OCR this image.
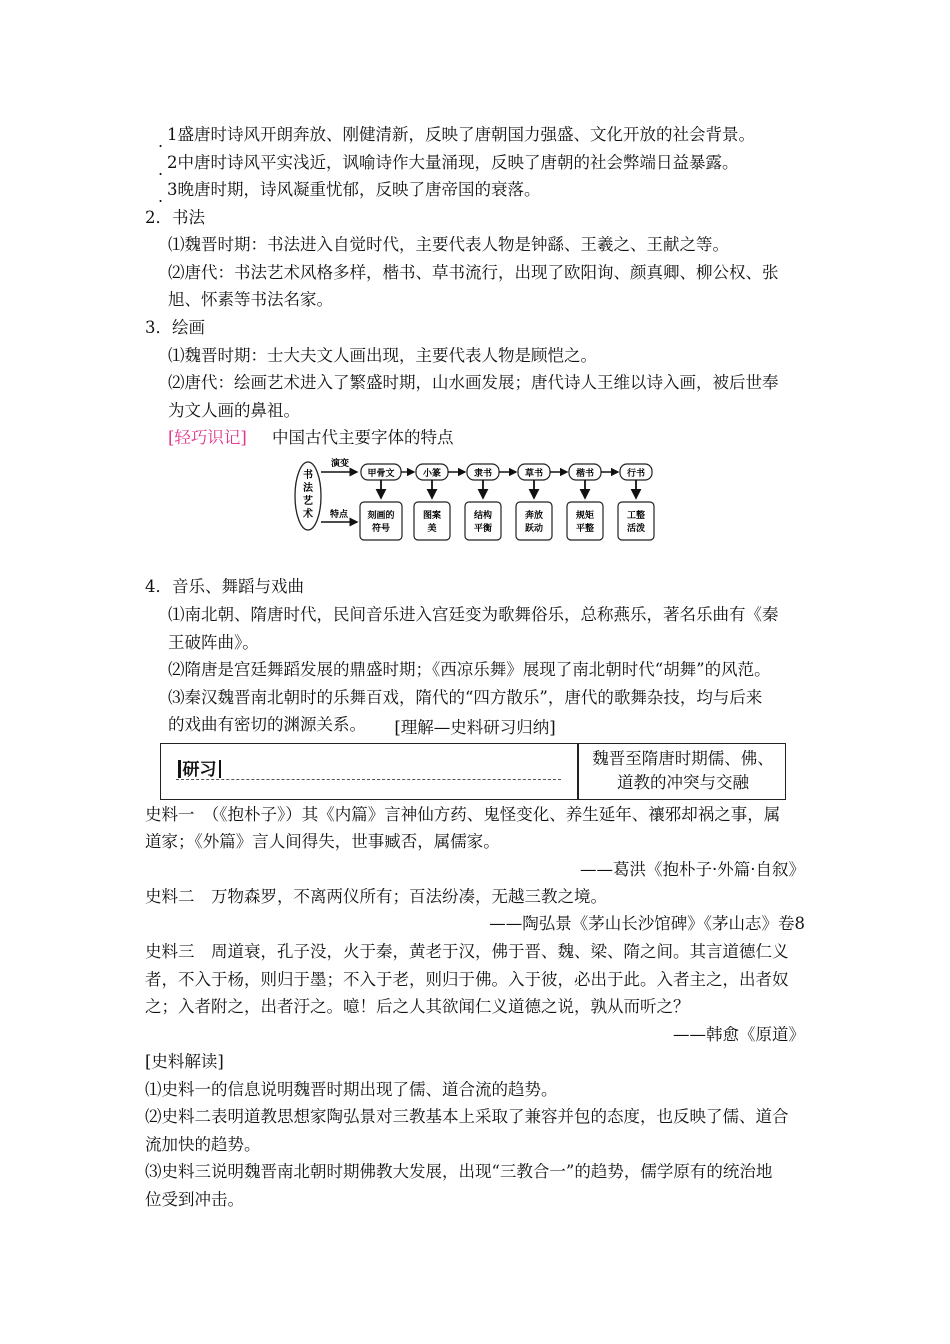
. 1盛唐时诗风开朗奔放、刚健清新，反映了唐朝国力强盛、文化开放的社会背景。
. 2中唐时诗风平实浅近，讽喻诗作大量涌现，反映了唐朝的社会弊端日益暴露。
. 3晚唐时期，诗风凝重忧郁，反映了唐帝国的衰落。
2．书法
⑴魏晋时期：书法进入自觉时代，主要代表人物是钟繇、王羲之、王献之等。
⑵唐代：书法艺术风格多样，楷书、草书流行，出现了欧阳询、颜真卿、柳公权、张
旭、怀素等书法名家。
3．绘画
⑴魏晋时期：士大夫文人画出现，主要代表人物是顾恺之。
⑵唐代：绘画艺术进入了繁盛时期，山水画发展；唐代诗人王维以诗入画，被后世奉
为文人画的鼻祖。
[轻巧识记] 中国古代主要字体的特点
书
法
艺
术
演变
特点
甲骨文
刻画的
符号
小篆
图案
美
隶书
结构
平衡
草书
奔放
跃动
楷书
规矩
平整
行书
工整
活泼
4．音乐、舞蹈与戏曲
⑴南北朝、隋唐时代，民间音乐进入宫廷变为歌舞俗乐，总称燕乐，著名乐曲有《秦
王破阵曲》。
⑵隋唐是宫廷舞蹈发展的鼎盛时期；《西凉乐舞》展现了南北朝时代“胡舞”的风范。
⑶秦汉魏晋南北朝时的乐舞百戏，隋代的“四方散乐”，唐代的歌舞杂技，均与后来
的戏曲有密切的渊源关系。	[理解—史料研习归纳]
研习
魏晋至隋唐时期儒、佛、
道教的冲突与交融
史料一　（《抱朴子》）其《内篇》言神仙方药、鬼怪变化、养生延年、禳邪却祸之事，属
道家；《外篇》言人间得失，世事臧否，属儒家。
——葛洪《抱朴子·外篇·自叙》
史料二　万物森罗，不离两仪所有；百法纷凑，无越三教之境。
——陶弘景《茅山长沙馆碑》《茅山志》卷8
史料三　周道衰，孔子没，火于秦，黄老于汉，佛于晋、魏、梁、隋之间。其言道德仁义
者，不入于杨，则归于墨；不入于老，则归于佛。入于彼，必出于此。入者主之，出者奴
之；入者附之，出者汙之。噫！后之人其欲闻仁义道德之说，孰从而听之？
——韩愈《原道》
[史料解读]
⑴史料一的信息说明魏晋时期出现了儒、道合流的趋势。
⑵史料二表明道教思想家陶弘景对三教基本上采取了兼容并包的态度，也反映了儒、道合
流加快的趋势。
⑶史料三说明魏晋南北朝时期佛教大发展，出现“三教合一”的趋势，儒学原有的统治地
位受到冲击。
